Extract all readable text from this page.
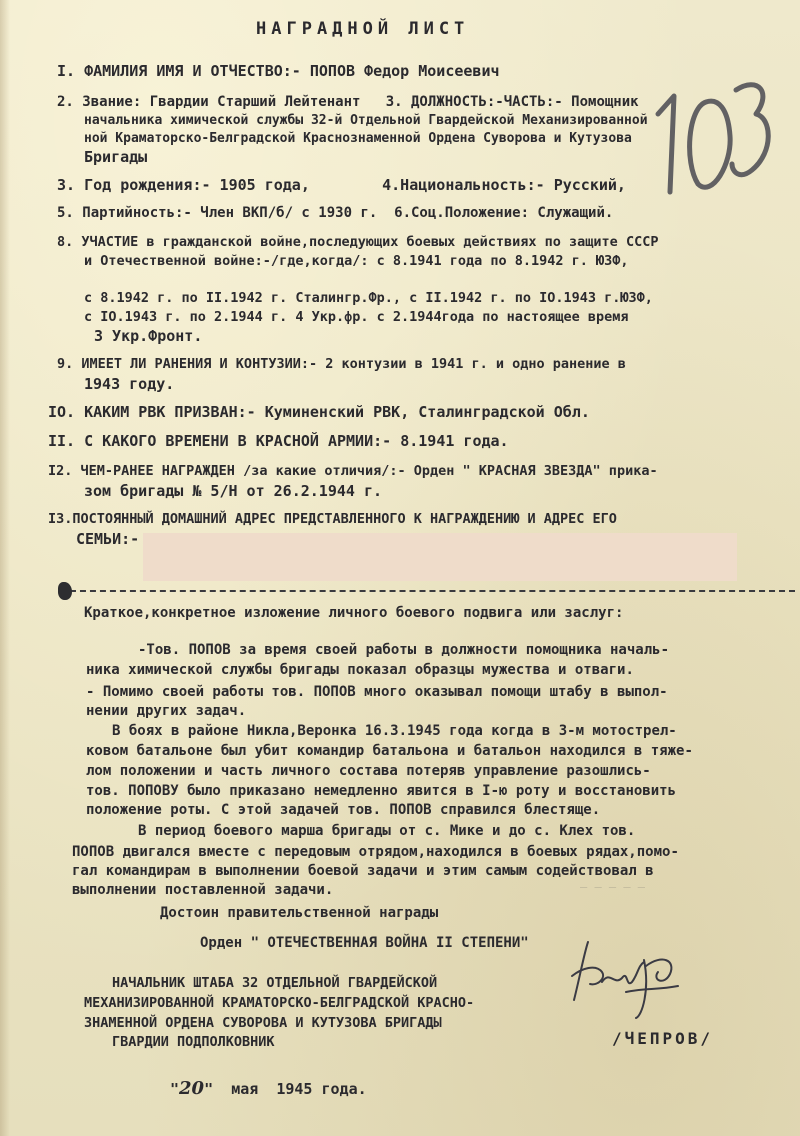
НАГРАДНОЙ ЛИСТ
I. ФАМИЛИЯ ИМЯ И ОТЧЕСТВО:- ПОПОВ Федор Моисеевич
2. Звание: Гвардии Старший Лейтенант   3. ДОЛЖНОСТЬ:-ЧАСТЬ:- Помощник
начальника химической службы 32-й Отдельной Гвардейской Механизированной
ной Краматорско-Белградской Краснознаменной Ордена Суворова и Кутузова
Бригады
3. Год рождения:- 1905 года,        4.Национальность:- Русский,
5. Партийность:- Член ВКП/б/ с 1930 г.  6.Соц.Положение: Служащий.
8. УЧАСТИЕ в гражданской войне,последующих боевых действиях по защите СССР
и Отечественной войне:-/где,когда/: с 8.1941 года по 8.1942 г. ЮЗФ,
с 8.1942 г. по II.1942 г. Сталингр.Фр., с II.1942 г. по IO.1943 г.ЮЗФ,
с IO.1943 г. по 2.1944 г. 4 Укр.фр. с 2.1944года по настоящее время
3 Укр.Фронт.
9. ИМЕЕТ ЛИ РАНЕНИЯ И КОНТУЗИИ:- 2 контузии в 1941 г. и одно ранение в
1943 году.
IO. КАКИМ РВК ПРИЗВАН:- Куминенский РВК, Сталинградской Обл.
II. С КАКОГО ВРЕМЕНИ В КРАСНОЙ АРМИИ:- 8.1941 года.
I2. ЧЕМ-РАНЕЕ НАГРАЖДЕН /за какие отличия/:- Орден " КРАСНАЯ ЗВЕЗДА" прика-
зом бригады № 5/Н от 26.2.1944 г.
I3.ПОСТОЯННЫЙ ДОМАШНИЙ АДРЕС ПРЕДСТАВЛЕННОГО К НАГРАЖДЕНИЮ И АДРЕС ЕГО
СЕМЬИ:-
Краткое,конкретное изложение личного боевого подвига или заслуг:
-Тов. ПОПОВ за время своей работы в должности помощника началь-
ника химической службы бригады показал образцы мужества и отваги.
- Помимо своей работы тов. ПОПОВ много оказывал помощи штабу в выпол-
нении других задач.
В боях в районе Никла,Веронка 16.3.1945 года когда в 3-м мотострел-
ковом батальоне был убит командир батальона и батальон находился в тяже-
лом положении и часть личного состава потеряв управление разошлись-
тов. ПОПОВУ было приказано немедленно явится в I-ю роту и восстановить
положение роты. С этой задачей тов. ПОПОВ справился блестяще.
В период боевого марша бригады от с. Мике и до с. Клех тов.
ПОПОВ двигался вместе с передовым отрядом,находился в боевых рядах,помо-
гал командирам в выполнении боевой задачи и этим самым содействовал в
выполнении поставленной задачи.
Достоин правительственной награды
Орден " ОТЕЧЕСТВЕННАЯ ВОЙНА II СТЕПЕНИ"
НАЧАЛЬНИК ШТАБА 32 ОТДЕЛЬНОЙ ГВАРДЕЙСКОЙ
МЕХАНИЗИРОВАННОЙ КРАМАТОРСКО-БЕЛГРАДСКОЙ КРАСНО-
ЗНАМЕННОЙ ОРДЕНА СУВОРОВА И КУТУЗОВА БРИГАДЫ
ГВАРДИИ ПОДПОЛКОВНИК	/ЧЕПРОВ/
"20"  мая  1945 года.
— — — — —
